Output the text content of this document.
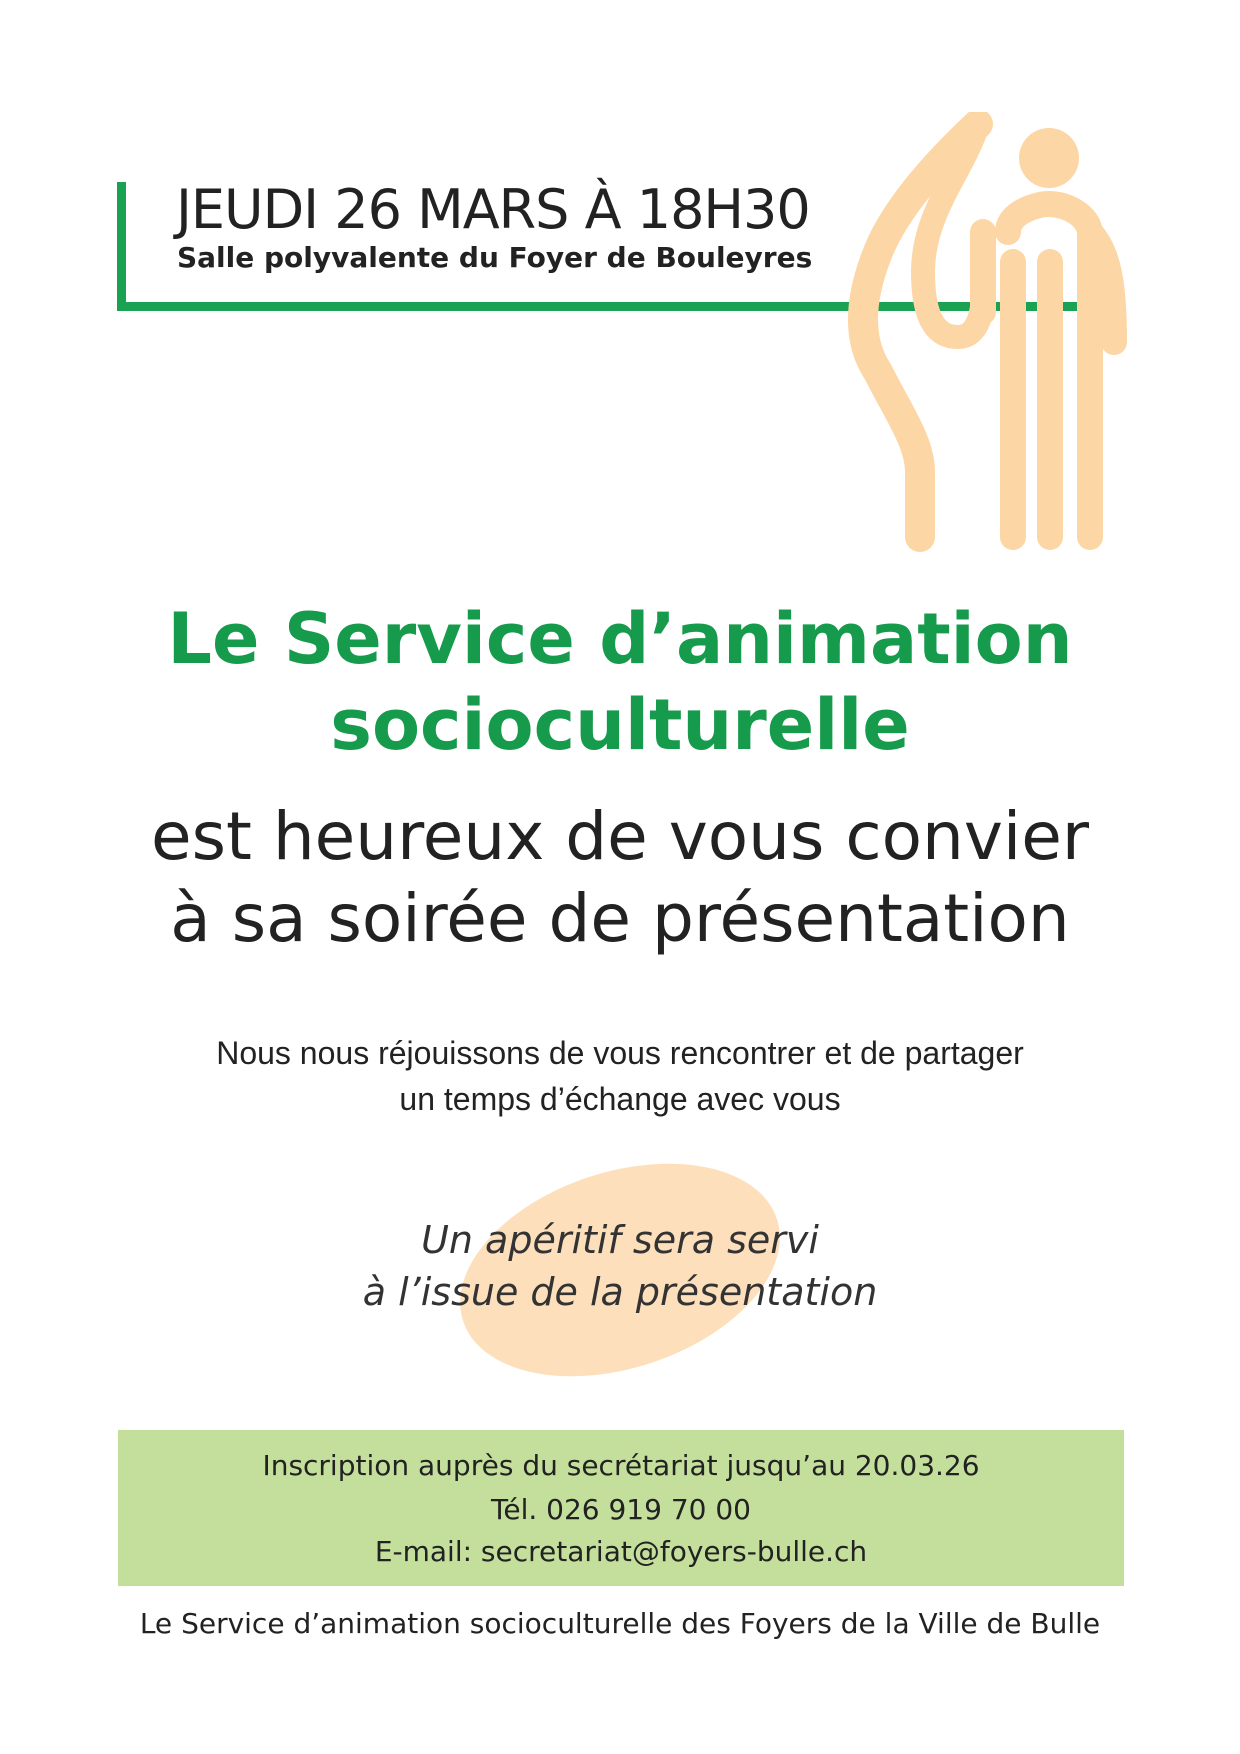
JEUDI 26 MARS À 18H30
Salle polyvalente du Foyer de Bouleyres
Le Service d’animation
socioculturelle
est heureux de vous convier
à sa soirée de présentation
Nous nous réjouissons de vous rencontrer et de partager
un temps d’échange avec vous
Un apéritif sera servi
à l’issue de la présentation
Inscription auprès du secrétariat jusqu’au 20.03.26
Tél. 026 919 70 00
E-mail: secretariat@foyers-bulle.ch
Le Service d’animation socioculturelle des Foyers de la Ville de Bulle
